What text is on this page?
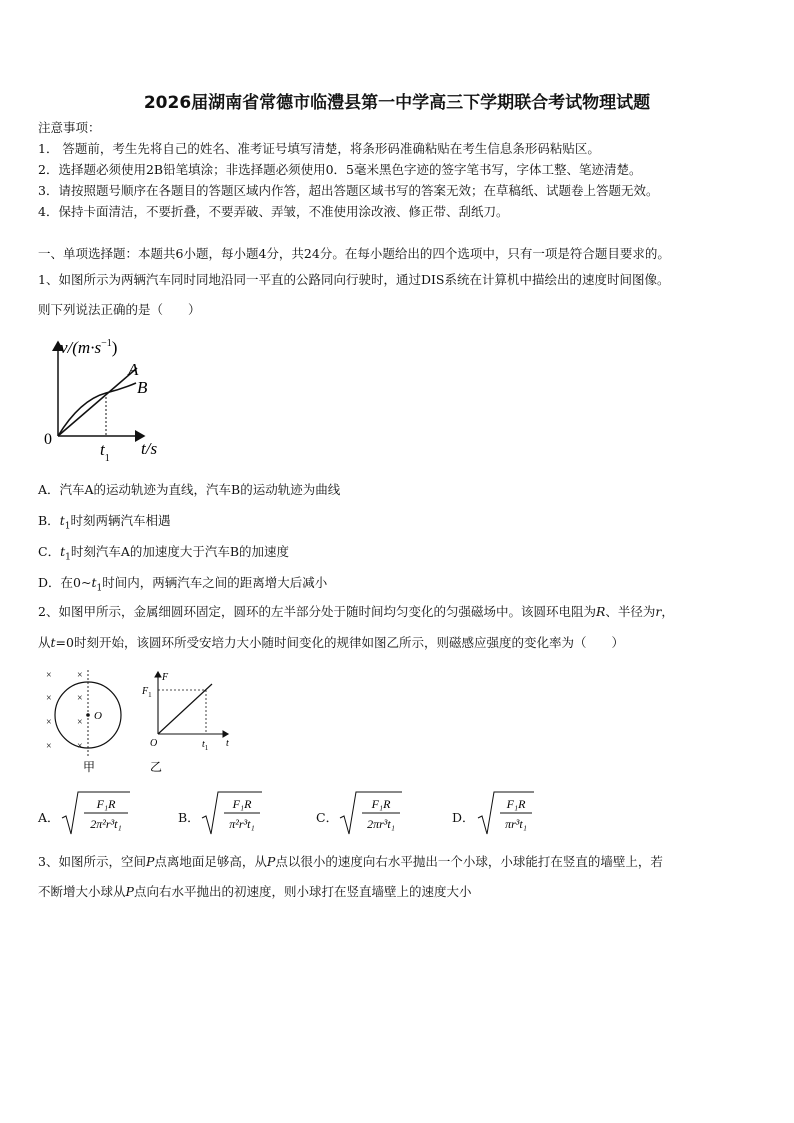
2026届湖南省常德市临澧县第一中学高三下学期联合考试物理试题
注意事项：
1． 答题前，考生先将自己的姓名、准考证号填写清楚，将条形码准确粘贴在考生信息条形码粘贴区。
2．选择题必须使用2B铅笔填涂；非选择题必须使用0．5毫米黑色字迹的签字笔书写，字体工整、笔迹清楚。
3．请按照题号顺序在各题目的答题区域内作答，超出答题区域书写的答案无效；在草稿纸、试题卷上答题无效。
4．保持卡面清洁，不要折叠，不要弄破、弄皱，不准使用涂改液、修正带、刮纸刀。
一、单项选择题：本题共6小题，每小题4分，共24分。在每小题给出的四个选项中，只有一项是符合题目要求的。
1、如图所示为两辆汽车同时同地沿同一平直的公路同向行驶时，通过DIS系统在计算机中描绘出的速度时间图像。
则下列说法正确的是（　　）
$v/(m\cdot s^{-1})$
0
$t_1$
t/s
A
B
A．汽车A的运动轨迹为直线，汽车B的运动轨迹为曲线
B．$t_1$时刻两辆汽车相遇
C．$t_1$时刻汽车A的加速度大于汽车B的加速度
D．在$0\sim t_1$时间内，两辆汽车之间的距离增大后减小
2、如图甲所示，金属细圆环固定，圆环的左半部分处于随时间均匀变化的匀强磁场中。该圆环电阻为R、半径为r，
从t=0时刻开始，该圆环所受安培力大小随时间变化的规律如图乙所示，则磁感应强度的变化率为（　　）
×
×
×
×
×
×
×
×
O
甲
F
t
O
$F_1$
$t_1$
乙
A．
F₁R
2π²r³t₁	B．
F₁R
π²r³t₁	C．
F₁R
2πr³t₁	D．
F₁R
πr³t₁
3、如图所示，空间P点离地面足够高，从P点以很小的速度向右水平抛出一个小球，小球能打在竖直的墙壁上，若
不断增大小球从P点向右水平抛出的初速度，则小球打在竖直墙壁上的速度大小
